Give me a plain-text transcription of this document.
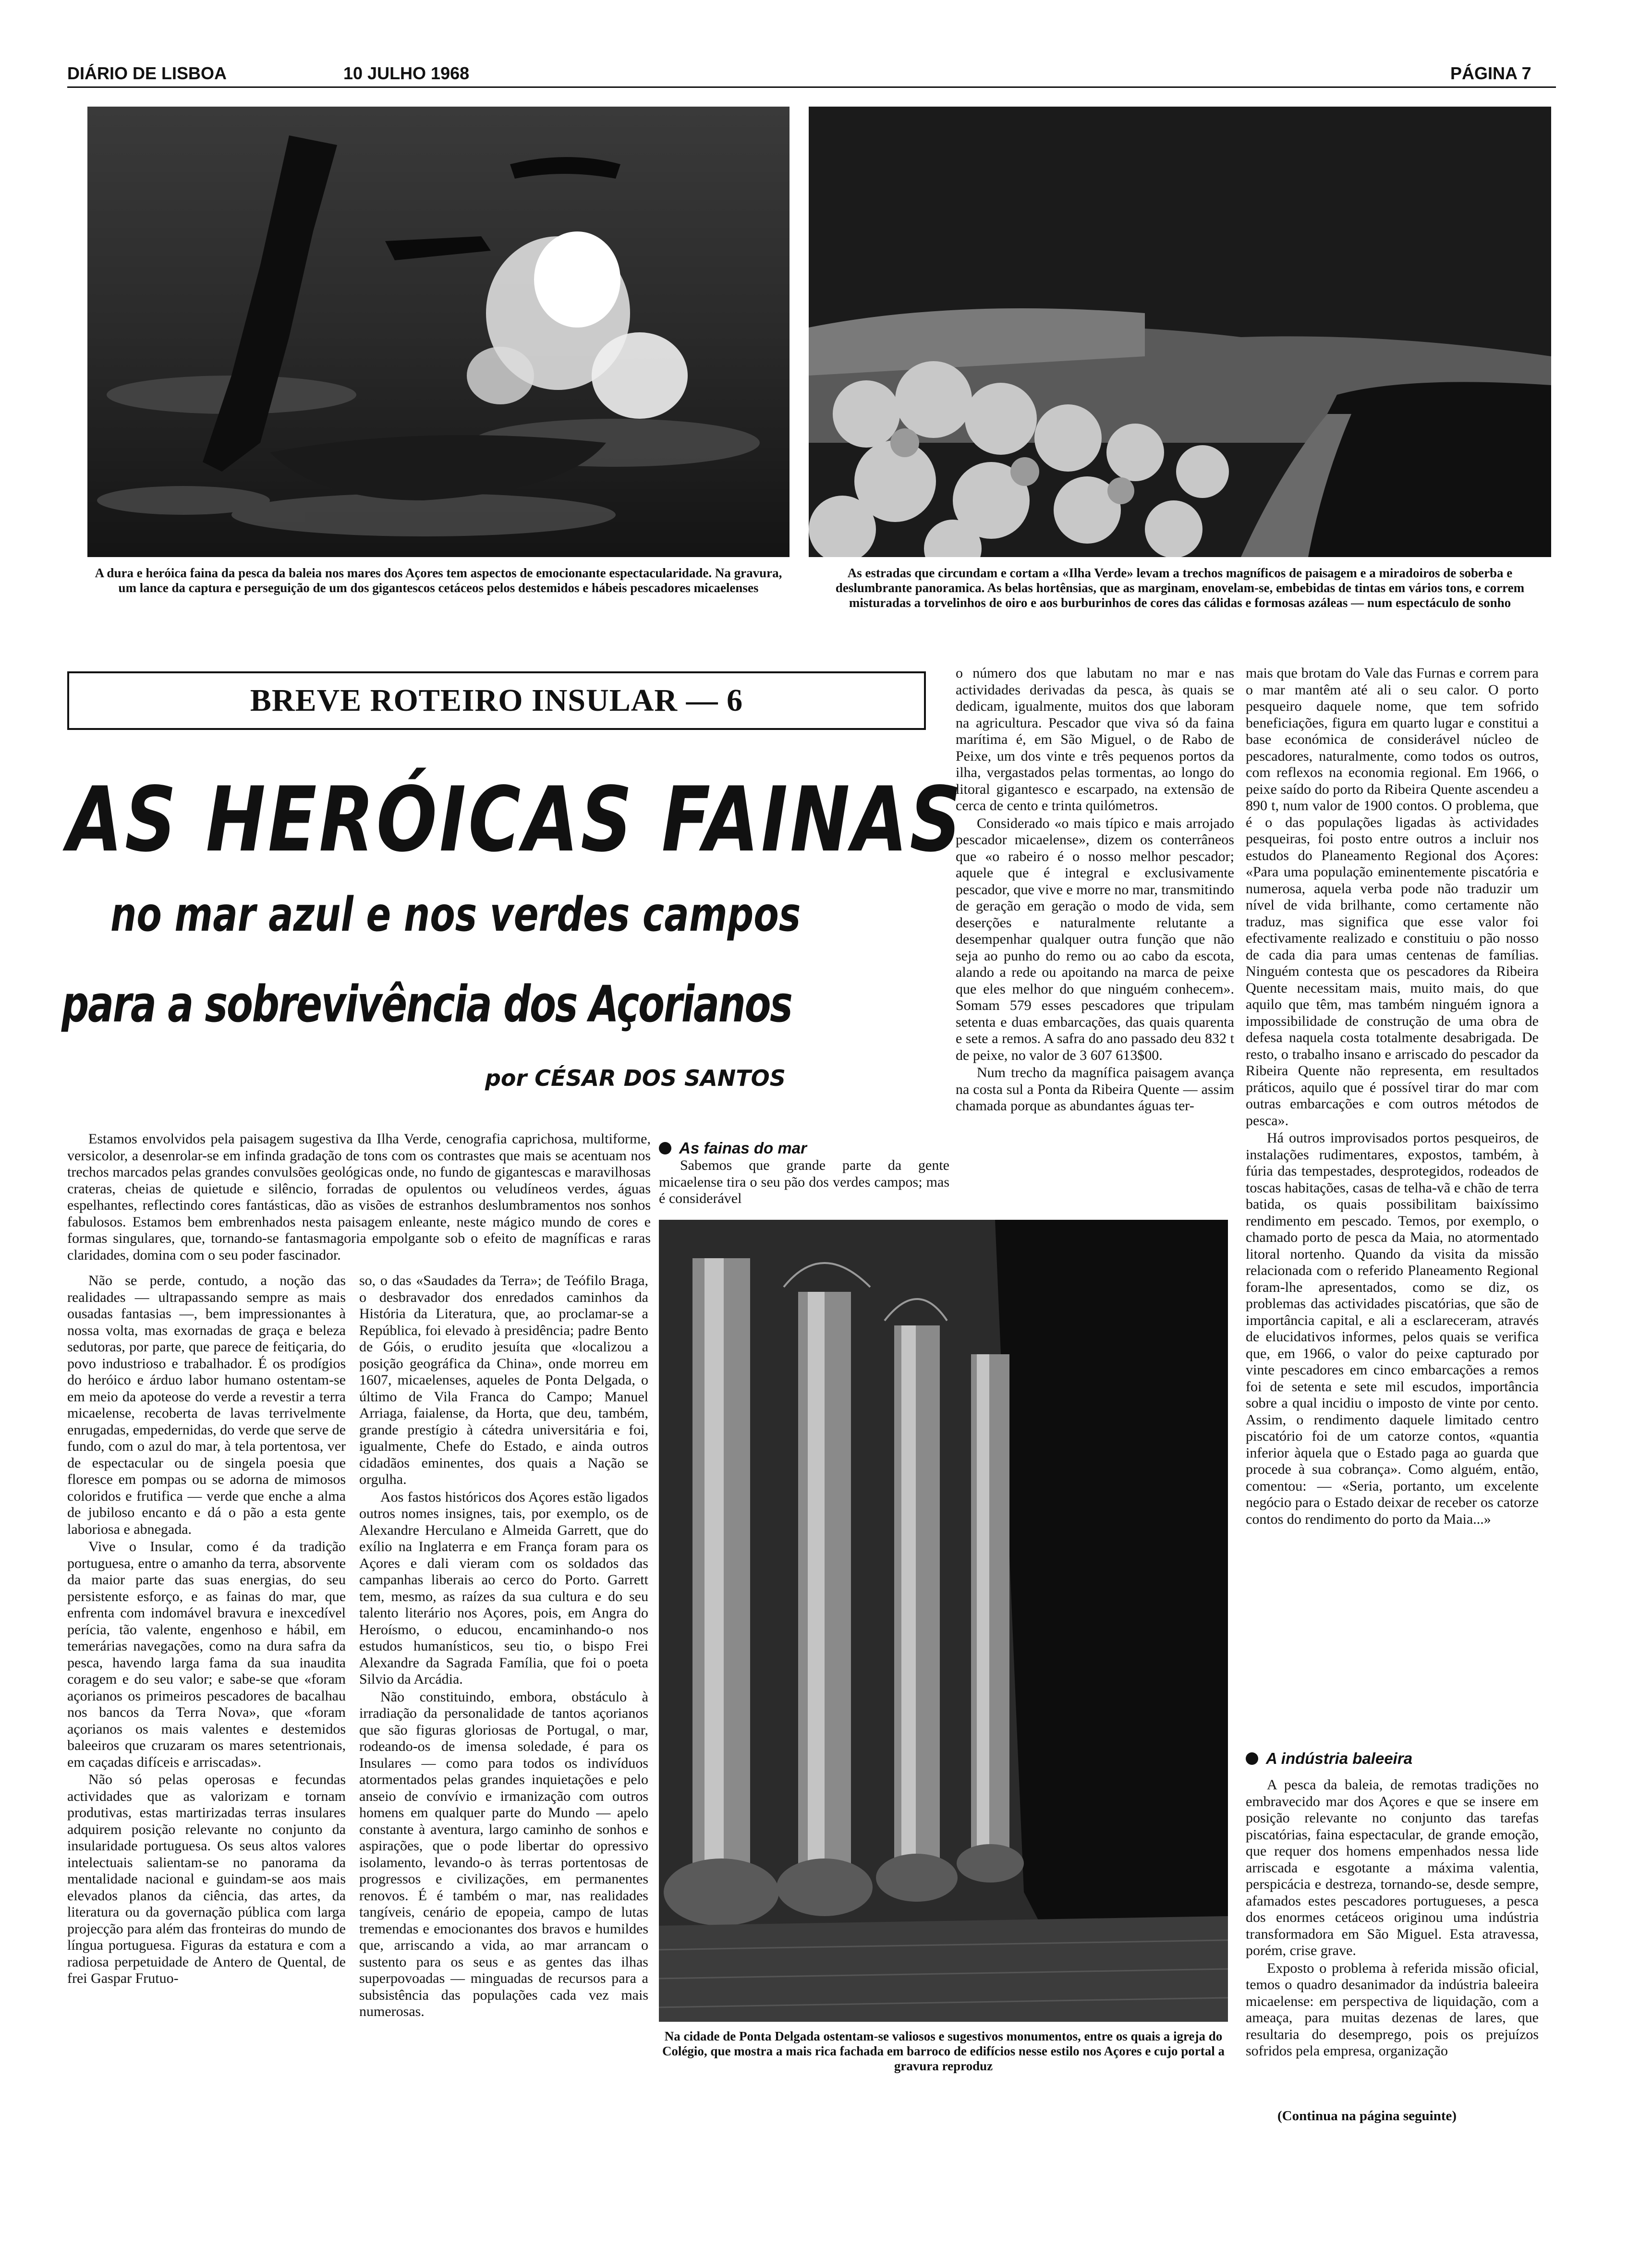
DIÁRIO DE LISBOA	10 JULHO 1968	PÁGINA 7
A dura e heróica faina da pesca da baleia nos mares dos Açores tem aspectos de emocionante espectacularidade. Na gravura, um lance da captura e perseguição de um dos gigantescos cetáceos pelos destemidos e hábeis pescadores micaelenses
As estradas que circundam e cortam a «Ilha Verde» levam a trechos magníficos de paisagem e a miradoiros de soberba e deslumbrante panoramica. As belas hortênsias, que as marginam, enovelam-se, embebidas de tintas em vários tons, e correm misturadas a torvelinhos de oiro e aos burburinhos de cores das cálidas e formosas azáleas — num espectáculo de sonho
BREVE ROTEIRO INSULAR — 6
AS HERÓICAS FAINAS
no mar azul e nos verdes campos
para a sobrevivência dos Açorianos
por CÉSAR DOS SANTOS

Estamos envolvidos pela paisagem sugestiva da Ilha Verde, cenografia caprichosa, multiforme, versicolor, a desenrolar-se em infinda gradação de tons com os contrastes que mais se acentuam nos trechos marcados pelas grandes convulsões geológicas onde, no fundo de gigantescas e maravilhosas crateras, cheias de quietude e silêncio, forradas de opulentos ou veludíneos verdes, águas espelhantes, reflectindo cores fantásticas, dão as visões de estranhos deslumbramentos nos sonhos fabulosos. Estamos bem embrenhados nesta paisagem enleante, neste mágico mundo de cores e formas singulares, que, tornando-se fantasmagoria empolgante sob o efeito de magníficas e raras claridades, domina com o seu poder fascinador.

Não se perde, contudo, a noção das realidades — ultrapassando sempre as mais ousadas fantasias —, bem impressionantes à nossa volta, mas exornadas de graça e beleza sedutoras, por parte, que parece de feitiçaria, do povo industrioso e trabalhador. É os prodígios do heróico e árduo labor humano ostentam-se em meio da apoteose do verde a revestir a terra micaelense, recoberta de lavas terrivelmente enrugadas, empedernidas, do verde que serve de fundo, com o azul do mar, à tela portentosa, ver de espectacular ou de singela poesia que floresce em pompas ou se adorna de mimosos coloridos e frutifica — verde que enche a alma de jubiloso encanto e dá o pão a esta gente laboriosa e abnegada.

Vive o Insular, como é da tradição portuguesa, entre o amanho da terra, absorvente da maior parte das suas energias, do seu persistente esforço, e as fainas do mar, que enfrenta com indomável bravura e inexcedível perícia, tão valente, engenhoso e hábil, em temerárias navegações, como na dura safra da pesca, havendo larga fama da sua inaudita coragem e do seu valor; e sabe-se que «foram açorianos os primeiros pescadores de bacalhau nos bancos da Terra Nova», que «foram açorianos os mais valentes e destemidos baleeiros que cruzaram os mares setentrionais, em caçadas difíceis e arriscadas».

Não só pelas operosas e fecundas actividades que as valorizam e tornam produtivas, estas martirizadas terras insulares adquirem posição relevante no conjunto da insularidade portuguesa. Os seus altos valores intelectuais salientam-se no panorama da mentalidade nacional e guindam-se aos mais elevados planos da ciência, das artes, da literatura ou da governação pública com larga projecção para além das fronteiras do mundo de língua portuguesa. Figuras da estatura e com a radiosa perpetuidade de Antero de Quental, de frei Gaspar Frutuo-

so, o das «Saudades da Terra»; de Teófilo Braga, o desbravador dos enredados caminhos da História da Literatura, que, ao proclamar-se a República, foi elevado à presidência; padre Bento de Góis, o erudito jesuíta que «localizou a posição geográfica da China», onde morreu em 1607, micaelenses, aqueles de Ponta Delgada, o último de Vila Franca do Campo; Manuel Arriaga, faialense, da Horta, que deu, também, grande prestígio à cátedra universitária e foi, igualmente, Chefe do Estado, e ainda outros cidadãos eminentes, dos quais a Nação se orgulha.

Aos fastos históricos dos Açores estão ligados outros nomes insignes, tais, por exemplo, os de Alexandre Herculano e Almeida Garrett, que do exílio na Inglaterra e em França foram para os Açores e dali vieram com os soldados das campanhas liberais ao cerco do Porto. Garrett tem, mesmo, as raízes da sua cultura e do seu talento literário nos Açores, pois, em Angra do Heroísmo, o educou, encaminhando-o nos estudos humanísticos, seu tio, o bispo Frei Alexandre da Sagrada Família, que foi o poeta Silvio da Arcádia.

Não constituindo, embora, obstáculo à irradiação da personalidade de tantos açorianos que são figuras gloriosas de Portugal, o mar, rodeando-os de imensa soledade, é para os Insulares — como para todos os indivíduos atormentados pelas grandes inquietações e pelo anseio de convívio e irmanização com outros homens em qualquer parte do Mundo — apelo constante à aventura, largo caminho de sonhos e aspirações, que o pode libertar do opressivo isolamento, levando-o às terras portentosas de progressos e civilizações, em permanentes renovos. É é também o mar, nas realidades tangíveis, cenário de epopeia, campo de lutas tremendas e emocionantes dos bravos e humildes que, arriscando a vida, ao mar arrancam o sustento para os seus e as gentes das ilhas superpovoadas — minguadas de recursos para a subsistência das populações cada vez mais numerosas.

o número dos que labutam no mar e nas actividades derivadas da pesca, às quais se dedicam, igualmente, muitos dos que laboram na agricultura. Pescador que viva só da faina marítima é, em São Miguel, o de Rabo de Peixe, um dos vinte e três pequenos portos da ilha, vergastados pelas tormentas, ao longo do litoral gigantesco e escarpado, na extensão de cerca de cento e trinta quilómetros.

Considerado «o mais típico e mais arrojado pescador micaelense», dizem os conterrâneos que «o rabeiro é o nosso melhor pescador; aquele que é integral e exclusivamente pescador, que vive e morre no mar, transmitindo de geração em geração o modo de vida, sem deserções e naturalmente relutante a desempenhar qualquer outra função que não seja ao punho do remo ou ao cabo da escota, alando a rede ou apoitando na marca de peixe que eles melhor do que ninguém conhecem». Somam 579 esses pescadores que tripulam setenta e duas embarcações, das quais quarenta e sete a remos. A safra do ano passado deu 832 t de peixe, no valor de 3 607 613$00.

Num trecho da magnífica paisagem avança na costa sul a Ponta da Ribeira Quente — assim chamada porque as abundantes águas ter-

As fainas do mar

Sabemos que grande parte da gente micaelense tira o seu pão dos verdes campos; mas é considerável

Na cidade de Ponta Delgada ostentam-se valiosos e sugestivos monumentos, entre os quais a igreja do Colégio, que mostra a mais rica fachada em barroco de edifícios nesse estilo nos Açores e cujo portal a gravura reproduz

mais que brotam do Vale das Furnas e correm para o mar mantêm até ali o seu calor. O porto pesqueiro daquele nome, que tem sofrido beneficiações, figura em quarto lugar e constitui a base económica de considerável núcleo de pescadores, naturalmente, como todos os outros, com reflexos na economia regional. Em 1966, o peixe saído do porto da Ribeira Quente ascendeu a 890 t, num valor de 1900 contos. O problema, que é o das populações ligadas às actividades pesqueiras, foi posto entre outros a incluir nos estudos do Planeamento Regional dos Açores: «Para uma população eminentemente piscatória e numerosa, aquela verba pode não traduzir um nível de vida brilhante, como certamente não traduz, mas significa que esse valor foi efectivamente realizado e constituiu o pão nosso de cada dia para umas centenas de famílias. Ninguém contesta que os pescadores da Ribeira Quente necessitam mais, muito mais, do que aquilo que têm, mas também ninguém ignora a impossibilidade de construção de uma obra de defesa naquela costa totalmente desabrigada. De resto, o trabalho insano e arriscado do pescador da Ribeira Quente não representa, em resultados práticos, aquilo que é possível tirar do mar com outras embarcações e com outros métodos de pesca».

Há outros improvisados portos pesqueiros, de instalações rudimentares, expostos, também, à fúria das tempestades, desprotegidos, rodeados de toscas habitações, casas de telha-vã e chão de terra batida, os quais possibilitam baixíssimo rendimento em pescado. Temos, por exemplo, o chamado porto de pesca da Maia, no atormentado litoral nortenho. Quando da visita da missão relacionada com o referido Planeamento Regional foram-lhe apresentados, como se diz, os problemas das actividades piscatórias, que são de importância capital, e ali a esclareceram, através de elucidativos informes, pelos quais se verifica que, em 1966, o valor do peixe capturado por vinte pescadores em cinco embarcações a remos foi de setenta e sete mil escudos, importância sobre a qual incidiu o imposto de vinte por cento. Assim, o rendimento daquele limitado centro piscatório foi de um catorze contos, «quantia inferior àquela que o Estado paga ao guarda que procede à sua cobrança». Como alguém, então, comentou: — «Seria, portanto, um excelente negócio para o Estado deixar de receber os catorze contos do rendimento do porto da Maia...»

A indústria baleeira

A pesca da baleia, de remotas tradições no embravecido mar dos Açores e que se insere em posição relevante no conjunto das tarefas piscatórias, faina espectacular, de grande emoção, que requer dos homens empenhados nessa lide arriscada e esgotante a máxima valentia, perspicácia e destreza, tornando-se, desde sempre, afamados estes pescadores portugueses, a pesca dos enormes cetáceos originou uma indústria transformadora em São Miguel. Esta atravessa, porém, crise grave.

Exposto o problema à referida missão oficial, temos o quadro desanimador da indústria baleeira micaelense: em perspectiva de liquidação, com a ameaça, para muitas dezenas de lares, que resultaria do desemprego, pois os prejuízos sofridos pela empresa, organização

(Continua na página seguinte)
